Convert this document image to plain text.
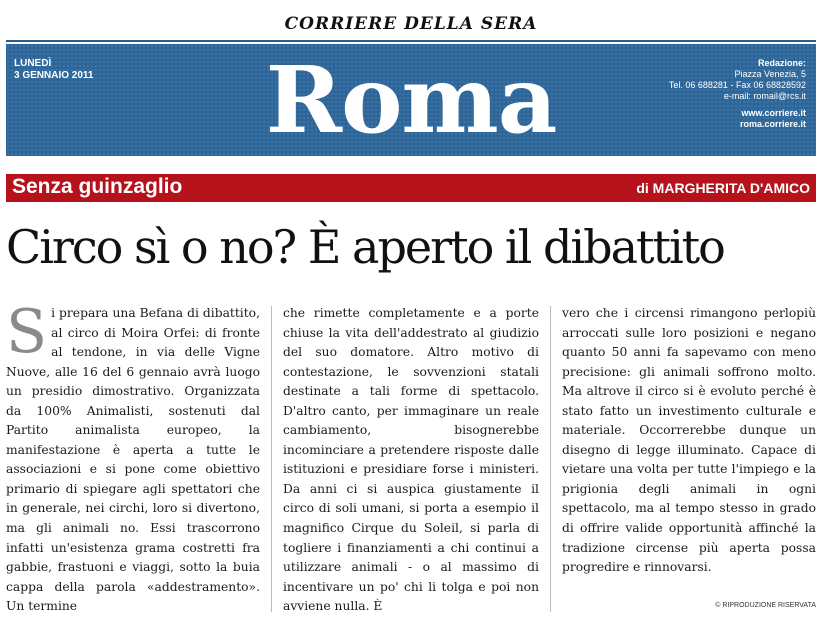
CORRIERE DELLA SERA
LUNEDÌ
3 GENNAIO 2011	Roma	Redazione:
Piazza Venezia, 5
Tel. 06 688281 - Fax 06 68828592
e-mail: romail@rcs.it
www.corriere.it
roma.corriere.it
Senza guinzaglio	di MARGHERITA D'AMICO
Circo sì o no? È aperto il dibattito
S i prepara una Befana di dibattito, al circo di Moira Orfei: di fronte al tendone, in via delle Vigne Nuove, alle 16 del 6 gennaio avrà luogo un presidio dimostrativo. Organizzata da 100% Animalisti, sostenuti dal Partito animalista europeo, la manifestazione è aperta a tutte le associazioni e si pone come obiettivo primario di spiegare agli spettatori che in generale, nei circhi, loro si divertono, ma gli animali no. Essi trascorrono infatti un'esistenza grama costretti fra gabbie, frastuoni e viaggi, sotto la buia cappa della parola «addestramento». Un termine
che rimette completamente e a porte chiuse la vita dell'addestrato al giudizio del suo domatore. Altro motivo di contestazione, le sovvenzioni statali destinate a tali forme di spettacolo. D'altro canto, per immaginare un reale cambiamento, bisognerebbe incominciare a pretendere risposte dalle istituzioni e presidiare forse i ministeri. Da anni ci si auspica giustamente il circo di soli umani, si porta a esempio il magnifico Cirque du Soleil, si parla di togliere i finanziamenti a chi continui a utilizzare animali - o al massimo di incentivare un po' chi li tolga e poi non avviene nulla. È
vero che i circensi rimangono perlopiù arroccati sulle loro posizioni e negano quanto 50 anni fa sapevamo con meno precisione: gli animali soffrono molto. Ma altrove il circo si è evoluto perché è stato fatto un investimento culturale e materiale. Occorrerebbe dunque un disegno di legge illuminato. Capace di vietare una volta per tutte l'impiego e la prigionia degli animali in ogni spettacolo, ma al tempo stesso in grado di offrire valide opportunità affinché la tradizione circense più aperta possa progredire e rinnovarsi.
© RIPRODUZIONE RISERVATA
